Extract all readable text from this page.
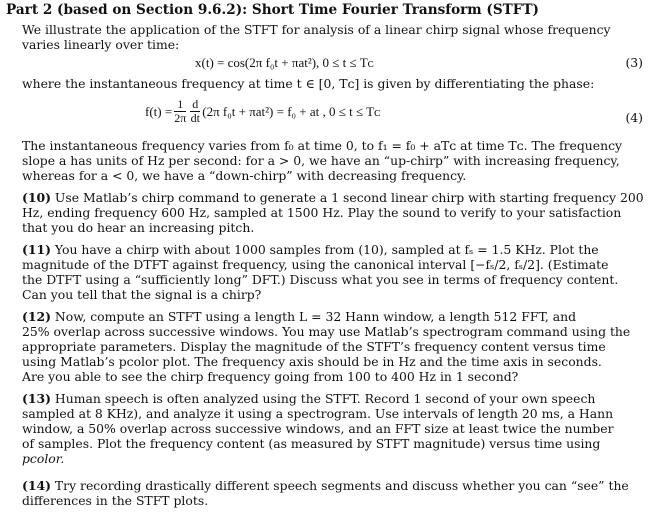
Part 2 (based on Section 9.6.2): Short Time Fourier Transform (STFT)
We illustrate the application of the STFT for analysis of a linear chirp signal whose frequency
varies linearly over time:
x(t) = cos(2π f₀t + πat²), 0 ≤ t ≤ Tᴄ	(3)
where the instantaneous frequency at time t ∈ [0, Tᴄ] is given by differentiating the phase:
$f(t) = \frac{1}{2\pi} \frac{d}{dt} (2\pi$ f₀t + πat²) = f₀ + at , 0 ≤ t ≤ Tᴄ	(4)
The instantaneous frequency varies from f₀ at time 0, to f₁ = f₀ + aTᴄ at time Tᴄ. The frequency
slope a has units of Hz per second: for a > 0, we have an “up-chirp” with increasing frequency,
whereas for a < 0, we have a “down-chirp” with decreasing frequency.
(10) Use Matlab’s chirp command to generate a 1 second linear chirp with starting frequency 200
Hz, ending frequency 600 Hz, sampled at 1500 Hz. Play the sound to verify to your satisfaction
that you do hear an increasing pitch.
(11) You have a chirp with about 1000 samples from (10), sampled at fₛ = 1.5 KHz. Plot the
magnitude of the DTFT against frequency, using the canonical interval [−fₛ/2, fₛ/2]. (Estimate
the DTFT using a “sufficiently long” DFT.) Discuss what you see in terms of frequency content.
Can you tell that the signal is a chirp?
(12) Now, compute an STFT using a length L = 32 Hann window, a length 512 FFT, and
25% overlap across successive windows. You may use Matlab’s spectrogram command using the
appropriate parameters. Display the magnitude of the STFT’s frequency content versus time
using Matlab’s pcolor plot. The frequency axis should be in Hz and the time axis in seconds.
Are you able to see the chirp frequency going from 100 to 400 Hz in 1 second?
(13) Human speech is often analyzed using the STFT. Record 1 second of your own speech
sampled at 8 KHz), and analyze it using a spectrogram. Use intervals of length 20 ms, a Hann
window, a 50% overlap across successive windows, and an FFT size at least twice the number
of samples. Plot the frequency content (as measured by STFT magnitude) versus time using
pcolor.
(14) Try recording drastically different speech segments and discuss whether you can “see” the
differences in the STFT plots.
